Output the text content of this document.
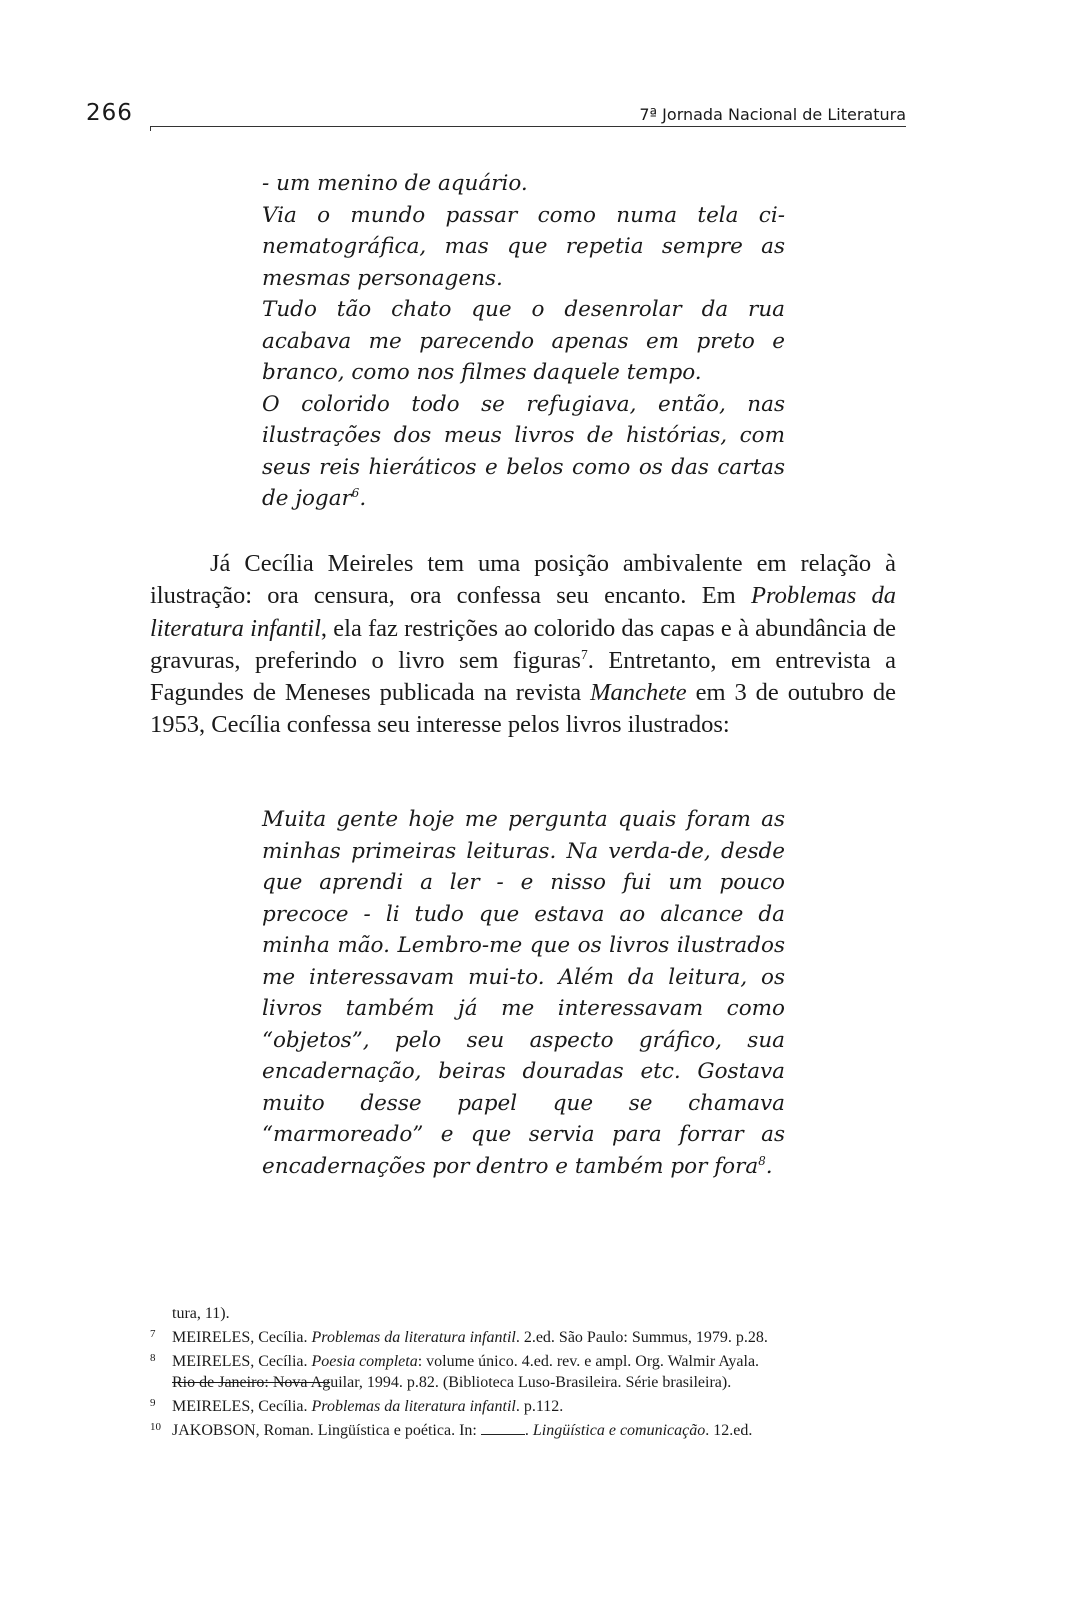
266	7ª Jornada Nacional de Literatura

- um menino de aquário.

Via o mundo passar como numa tela ci-nematográfica, mas que repetia sempre as mesmas personagens.

Tudo tão chato que o desenrolar da rua acabava me parecendo apenas em preto e branco, como nos filmes daquele tempo.

O colorido todo se refugiava, então, nas ilustrações dos meus livros de histórias, com seus reis hieráticos e belos como os das cartas de jogar$^6$.

Já Cecília Meireles tem uma posição ambivalente em relação à ilustração: ora censura, ora confessa seu encanto. Em Problemas da literatura infantil, ela faz restrições ao colorido das capas e à abundância de gravuras, preferindo o livro sem figuras$^7$. Entretanto, em entrevista a Fagundes de Meneses publicada na revista Manchete em 3 de outubro de 1953, Cecília confessa seu interesse pelos livros ilustrados:

Muita gente hoje me pergunta quais foram as minhas primeiras leituras. Na verda-de, desde que aprendi a ler - e nisso fui um pouco precoce - li tudo que estava ao alcance da minha mão. Lembro-me que os livros ilustrados me interessavam mui-to. Além da leitura, os livros também já me interessavam como “objetos”, pelo seu aspecto gráfico, sua encadernação, beiras douradas etc. Gostava muito desse papel que se chamava “marmoreado” e que servia para forrar as encadernações por dentro e também por fora$^8$.

tura, 11).

7 MEIRELES, Cecília. Problemas da literatura infantil. 2.ed. São Paulo: Summus, 1979. p.28.

8 MEIRELES, Cecília. Poesia completa: volume único. 4.ed. rev. e ampl. Org. Walmir Ayala.
Rio de Janeiro: Nova Aguilar, 1994. p.82. (Biblioteca Luso-Brasileira. Série brasileira).

9 MEIRELES, Cecília. Problemas da literatura infantil. p.112.

10 JAKOBSON, Roman. Lingüística e poética. In:	. Lingüística e comunicação. 12.ed.
